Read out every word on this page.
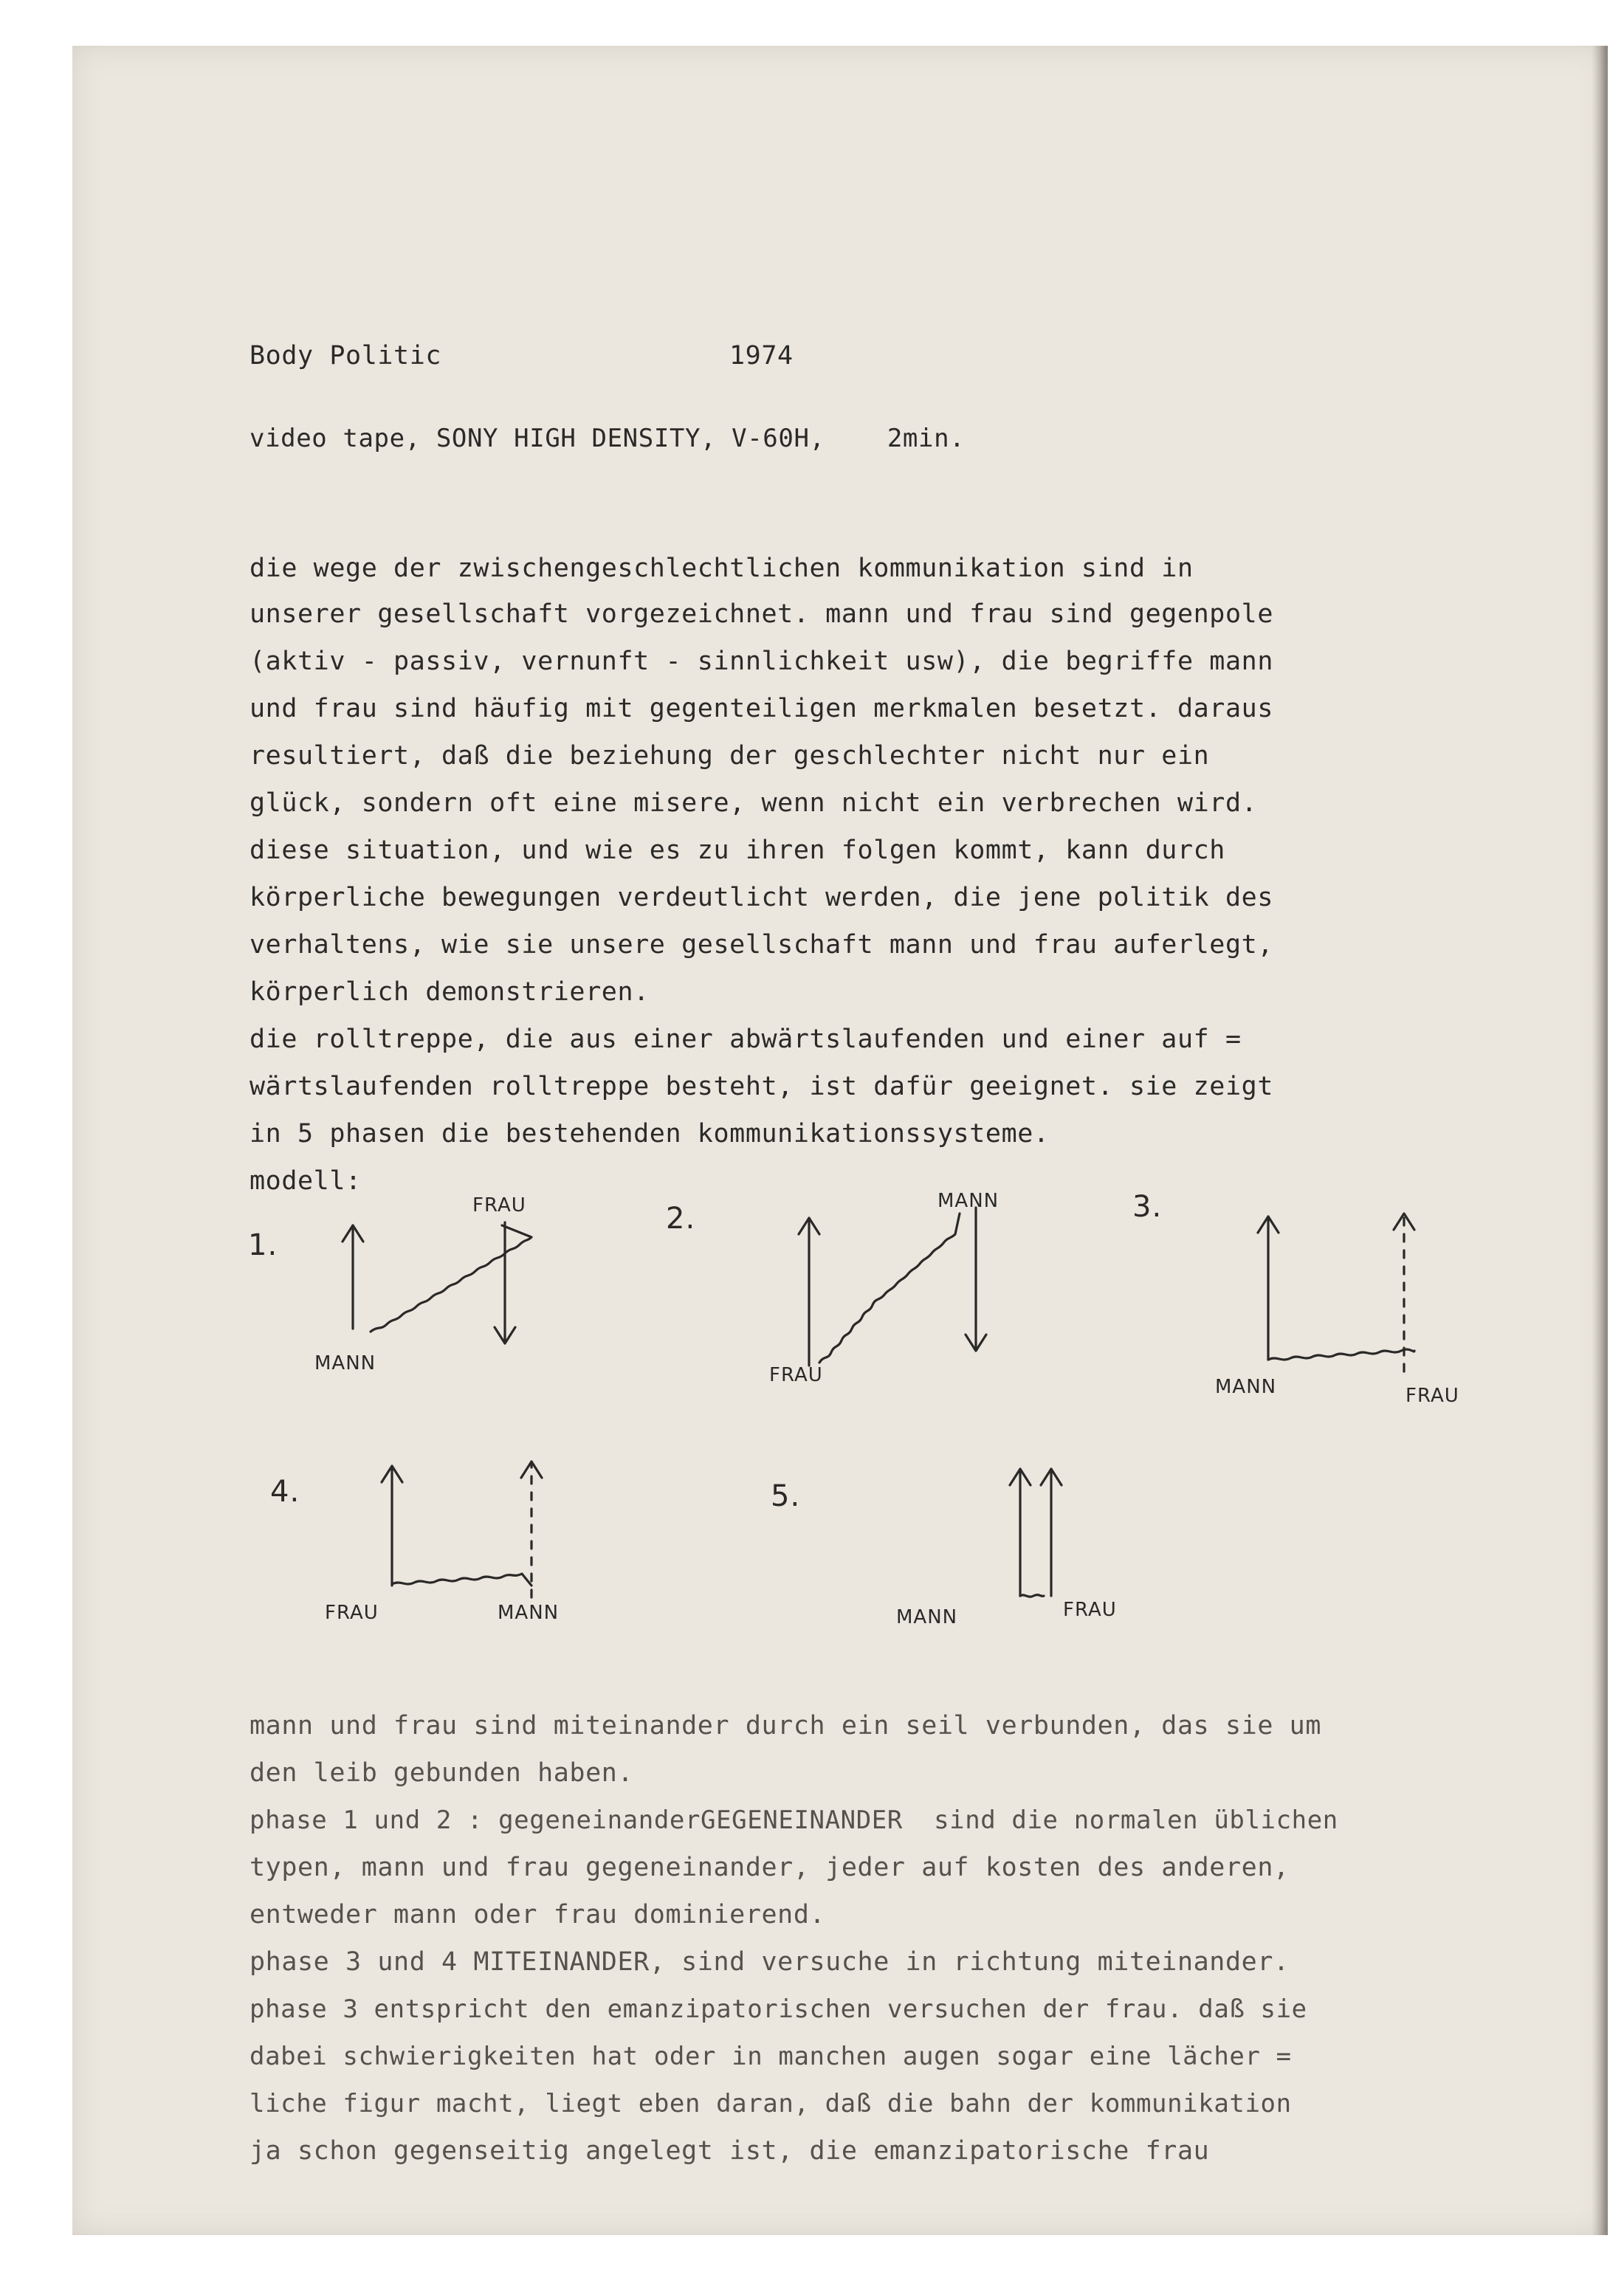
Body Politic	1974
video tape, SONY HIGH DENSITY, V-60H,    2min.
die wege der zwischengeschlechtlichen kommunikation sind in
unserer gesellschaft vorgezeichnet. mann und frau sind gegenpole
(aktiv - passiv, vernunft - sinnlichkeit usw), die begriffe mann
und frau sind häufig mit gegenteiligen merkmalen besetzt. daraus
resultiert, daß die beziehung der geschlechter nicht nur ein
glück, sondern oft eine misere, wenn nicht ein verbrechen wird.
diese situation, und wie es zu ihren folgen kommt, kann durch
körperliche bewegungen verdeutlicht werden, die jene politik des
verhaltens, wie sie unsere gesellschaft mann und frau auferlegt,
körperlich demonstrieren.
die rolltreppe, die aus einer abwärtslaufenden und einer auf =
wärtslaufenden rolltreppe besteht, ist dafür geeignet. sie zeigt
in 5 phasen die bestehenden kommunikationssysteme.
modell:
1.
2.	3.
4.	5.
FRAU
MANN
MANN
FRAU
MANN	FRAU
FRAU	MANN	MANN	FRAU
mann und frau sind miteinander durch ein seil verbunden, das sie um
den leib gebunden haben.
phase 1 und 2 : gegeneinanderGEGENEINANDER  sind die normalen üblichen
typen, mann und frau gegeneinander, jeder auf kosten des anderen,
entweder mann oder frau dominierend.
phase 3 und 4 MITEINANDER, sind versuche in richtung miteinander.
phase 3 entspricht den emanzipatorischen versuchen der frau. daß sie
dabei schwierigkeiten hat oder in manchen augen sogar eine lächer =
liche figur macht, liegt eben daran, daß die bahn der kommunikation
ja schon gegenseitig angelegt ist, die emanzipatorische frau
